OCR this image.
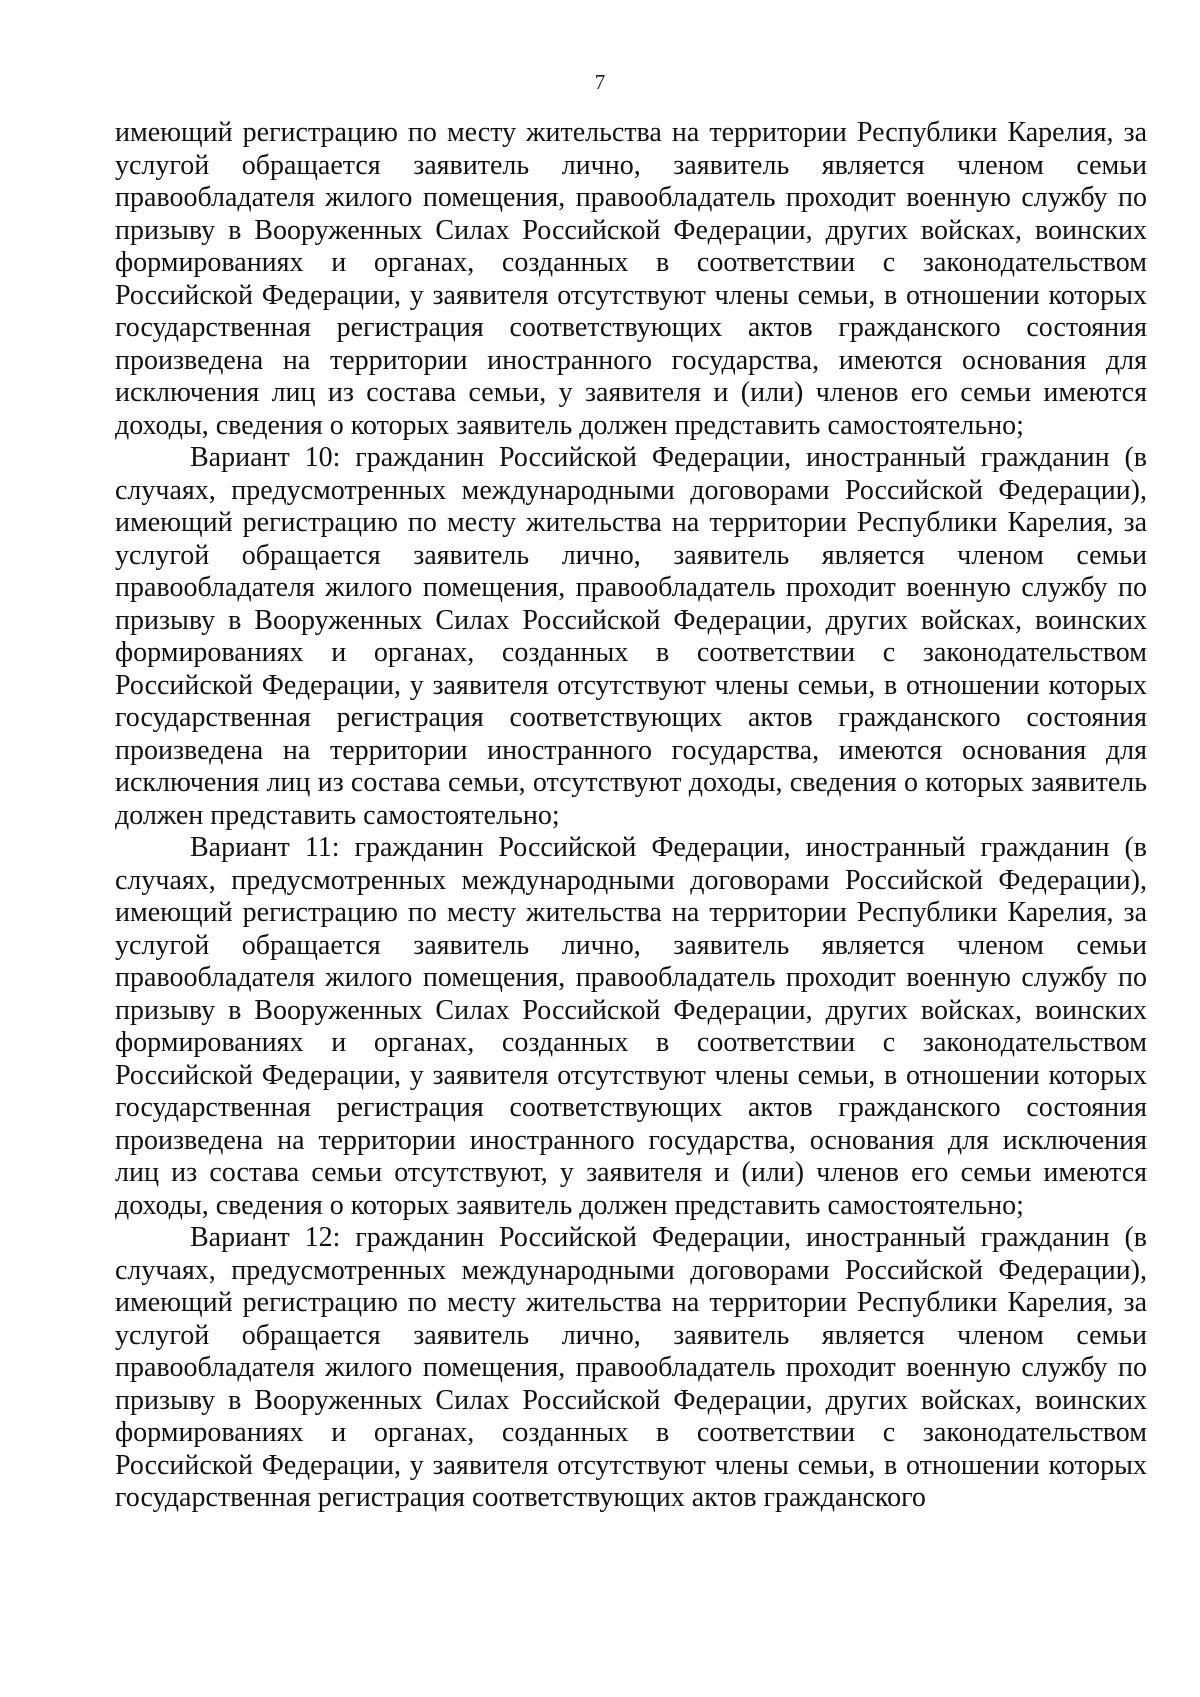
7

имеющий регистрацию по месту жительства на территории Республики Карелия, за услугой обращается заявитель лично, заявитель является членом семьи правообладателя жилого помещения, правообладатель проходит военную службу по призыву в Вооруженных Силах Российской Федерации, других войсках, воинских формированиях и органах, созданных в соответствии с законодательством Российской Федерации, у заявителя отсутствуют члены семьи, в отношении которых государственная регистрация соответствующих актов гражданского состояния произведена на территории иностранного государства, имеются основания для исключения лиц из состава семьи, у заявителя и (или) членов его семьи имеются доходы, сведения о которых заявитель должен представить самостоятельно;

Вариант 10: гражданин Российской Федерации, иностранный гражданин (в случаях, предусмотренных международными договорами Российской Федерации), имеющий регистрацию по месту жительства на территории Республики Карелия, за услугой обращается заявитель лично, заявитель является членом семьи правообладателя жилого помещения, правообладатель проходит военную службу по призыву в Вооруженных Силах Российской Федерации, других войсках, воинских формированиях и органах, созданных в соответствии с законодательством Российской Федерации, у заявителя отсутствуют члены семьи, в отношении которых государственная регистрация соответствующих актов гражданского состояния произведена на территории иностранного государства, имеются основания для исключения лиц из состава семьи, отсутствуют доходы, сведения о которых заявитель должен представить самостоятельно;

Вариант 11: гражданин Российской Федерации, иностранный гражданин (в случаях, предусмотренных международными договорами Российской Федерации), имеющий регистрацию по месту жительства на территории Республики Карелия, за услугой обращается заявитель лично, заявитель является членом семьи правообладателя жилого помещения, правообладатель проходит военную службу по призыву в Вооруженных Силах Российской Федерации, других войсках, воинских формированиях и органах, созданных в соответствии с законодательством Российской Федерации, у заявителя отсутствуют члены семьи, в отношении которых государственная регистрация соответствующих актов гражданского состояния произведена на территории иностранного государства, основания для исключения лиц из состава семьи отсутствуют, у заявителя и (или) членов его семьи имеются доходы, сведения о которых заявитель должен представить самостоятельно;

Вариант 12: гражданин Российской Федерации, иностранный гражданин (в случаях, предусмотренных международными договорами Российской Федерации), имеющий регистрацию по месту жительства на территории Республики Карелия, за услугой обращается заявитель лично, заявитель является членом семьи правообладателя жилого помещения, правообладатель проходит военную службу по призыву в Вооруженных Силах Российской Федерации, других войсках, воинских формированиях и органах, созданных в соответствии с законодательством Российской Федерации, у заявителя отсутствуют члены семьи, в отношении которых государственная регистрация соответствующих актов гражданского
